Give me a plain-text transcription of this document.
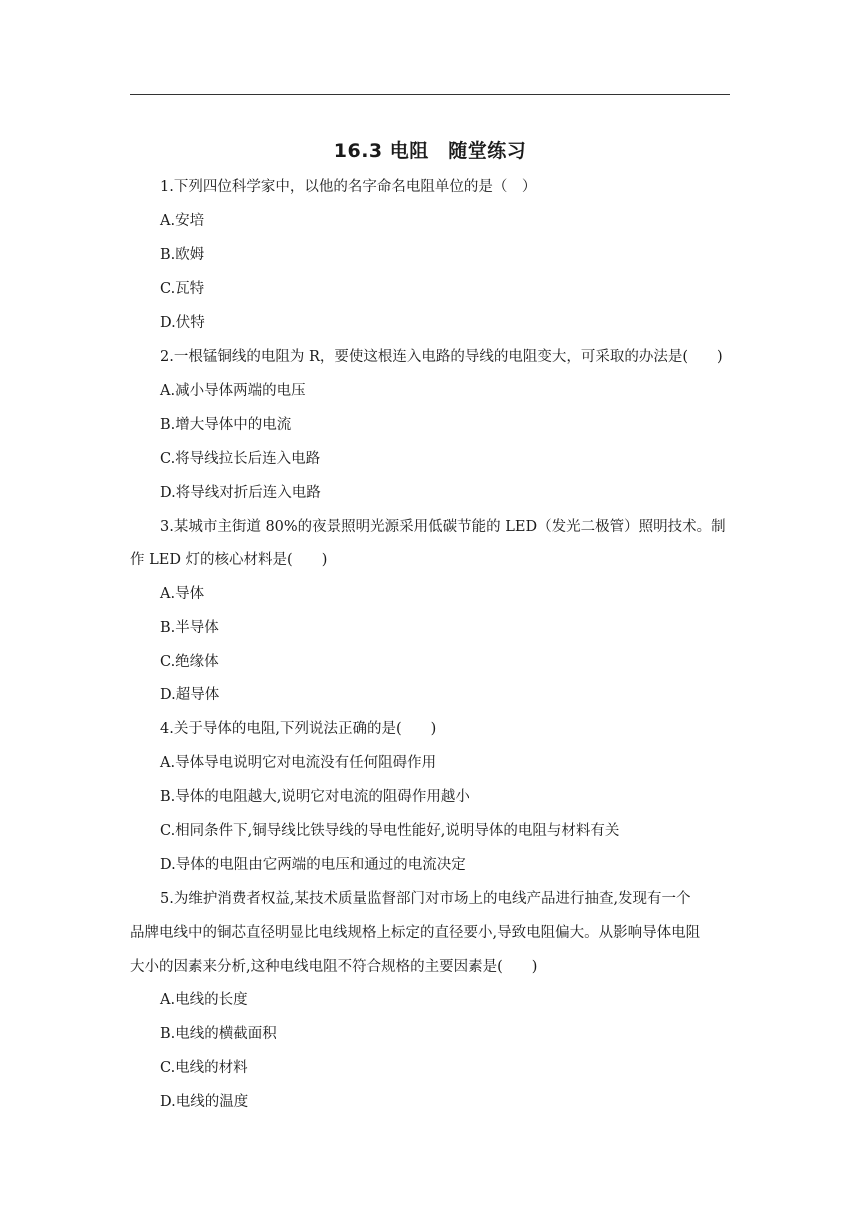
16.3 电阻　随堂练习
1.下列四位科学家中，以他的名字命名电阻单位的是（　）
A.安培
B.欧姆
C.瓦特
D.伏特
2.一根锰铜线的电阻为 R，要使这根连入电路的导线的电阻变大，可采取的办法是(　　)
A.减小导体两端的电压
B.增大导体中的电流
C.将导线拉长后连入电路
D.将导线对折后连入电路
3.某城市主街道 80%的夜景照明光源采用低碳节能的 LED（发光二极管）照明技术。制
作 LED 灯的核心材料是(　　)
A.导体
B.半导体
C.绝缘体
D.超导体
4.关于导体的电阻,下列说法正确的是(　　)
A.导体导电说明它对电流没有任何阻碍作用
B.导体的电阻越大,说明它对电流的阻碍作用越小
C.相同条件下,铜导线比铁导线的导电性能好,说明导体的电阻与材料有关
D.导体的电阻由它两端的电压和通过的电流决定
5.为维护消费者权益,某技术质量监督部门对市场上的电线产品进行抽查,发现有一个
品牌电线中的铜芯直径明显比电线规格上标定的直径要小,导致电阻偏大。从影响导体电阻
大小的因素来分析,这种电线电阻不符合规格的主要因素是(　　)
A.电线的长度
B.电线的横截面积
C.电线的材料
D.电线的温度
